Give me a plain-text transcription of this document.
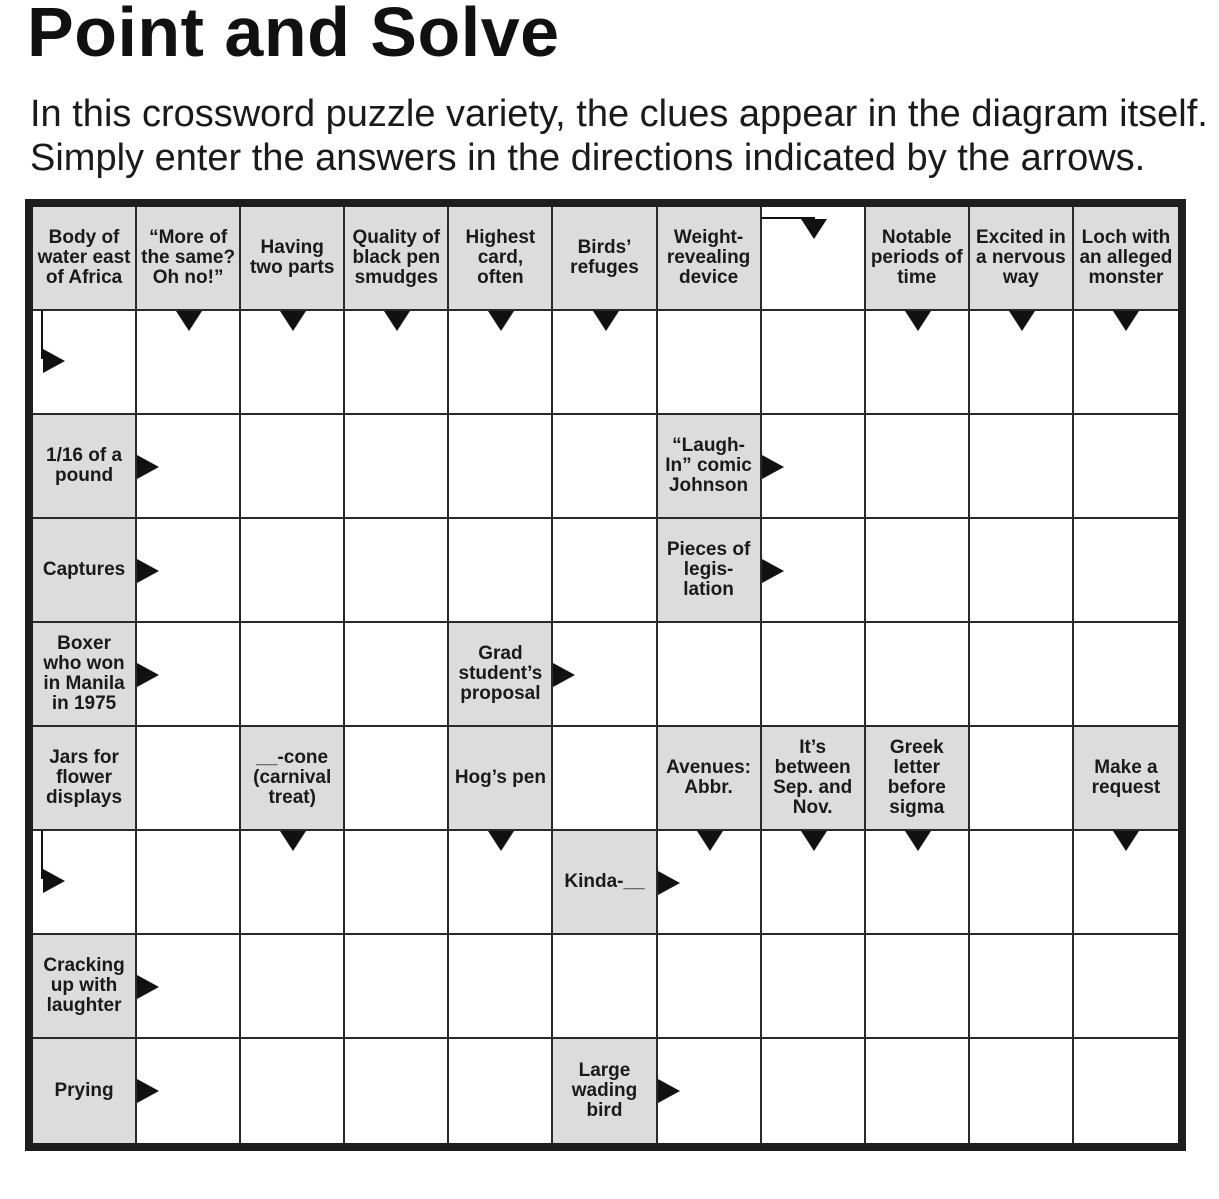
Point and Solve

In this crossword puzzle variety, the clues appear in the diagram itself.
Simply enter the answers in the directions indicated by the arrows.

Body of water east of Africa
“More of the same? Oh no!”
Having two parts
Quality of black pen smudges
Highest card, often
Birds’ refuges
Weight-revealing device
Notable periods of time
Excited in a nervous way
Loch with an alleged monster
1/16 of a pound
“Laugh-In” comic Johnson
Captures
Pieces of legis-lation
Boxer who won in Manila in 1975
Grad student’s proposal
Jars for flower displays
__-cone (carnival treat)
Hog’s pen	Avenues: Abbr.
It’s between Sep. and Nov.
Greek letter before sigma
Make a request
Kinda-__
Cracking up with laughter
Prying
Large wading bird
